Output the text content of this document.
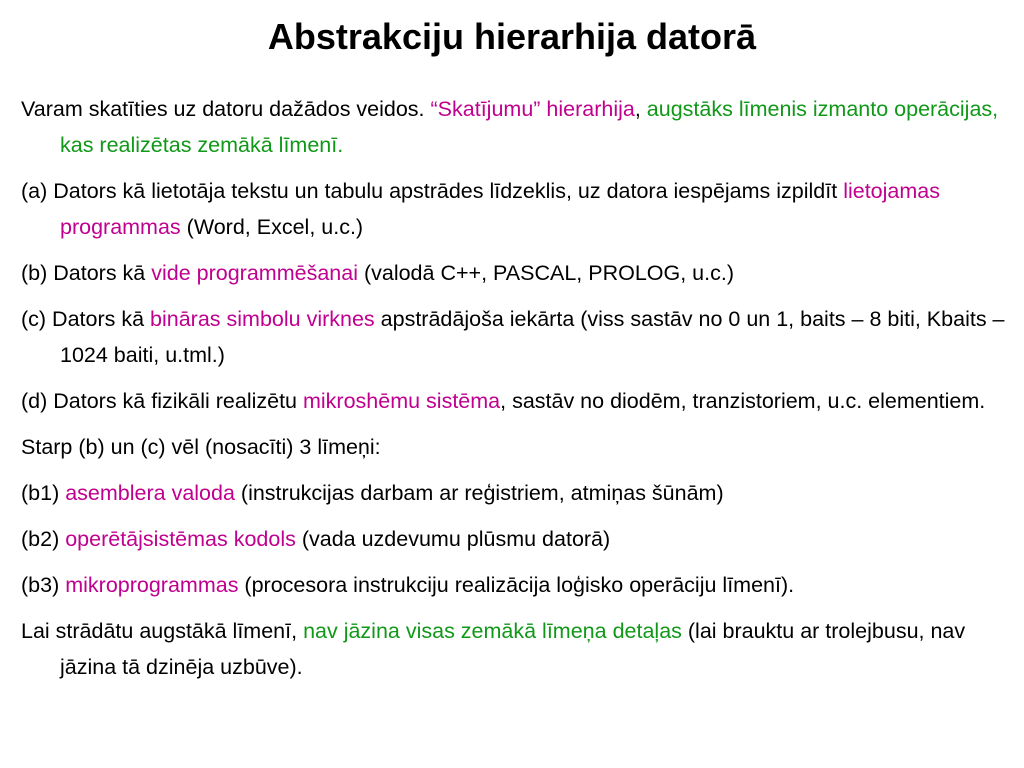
Abstrakciju hierarhija datorā

Varam skatīties uz datoru dažādos veidos. “Skatījumu” hierarhija, augstāks līmenis izmanto operācijas, kas realizētas zemākā līmenī.

(a) Dators kā lietotāja tekstu un tabulu apstrādes līdzeklis, uz datora iespējams izpildīt lietojamas programmas (Word, Excel, u.c.)

(b) Dators kā vide programmēšanai (valodā C++, PASCAL, PROLOG, u.c.)

(c) Dators kā bināras simbolu virknes apstrādājoša iekārta (viss sastāv no 0 un 1, baits – 8 biti, Kbaits – 1024 baiti, u.tml.)

(d) Dators kā fizikāli realizētu mikroshēmu sistēma, sastāv no diodēm, tranzistoriem, u.c. elementiem.

Starp (b) un (c) vēl (nosacīti) 3 līmeņi:

(b1) asemblera valoda (instrukcijas darbam ar reģistriem, atmiņas šūnām)

(b2) operētājsistēmas kodols (vada uzdevumu plūsmu datorā)

(b3) mikroprogrammas (procesora instrukciju realizācija loģisko operāciju līmenī).

Lai strādātu augstākā līmenī, nav jāzina visas zemākā līmeņa detaļas (lai brauktu ar trolejbusu, nav jāzina tā dzinēja uzbūve).
